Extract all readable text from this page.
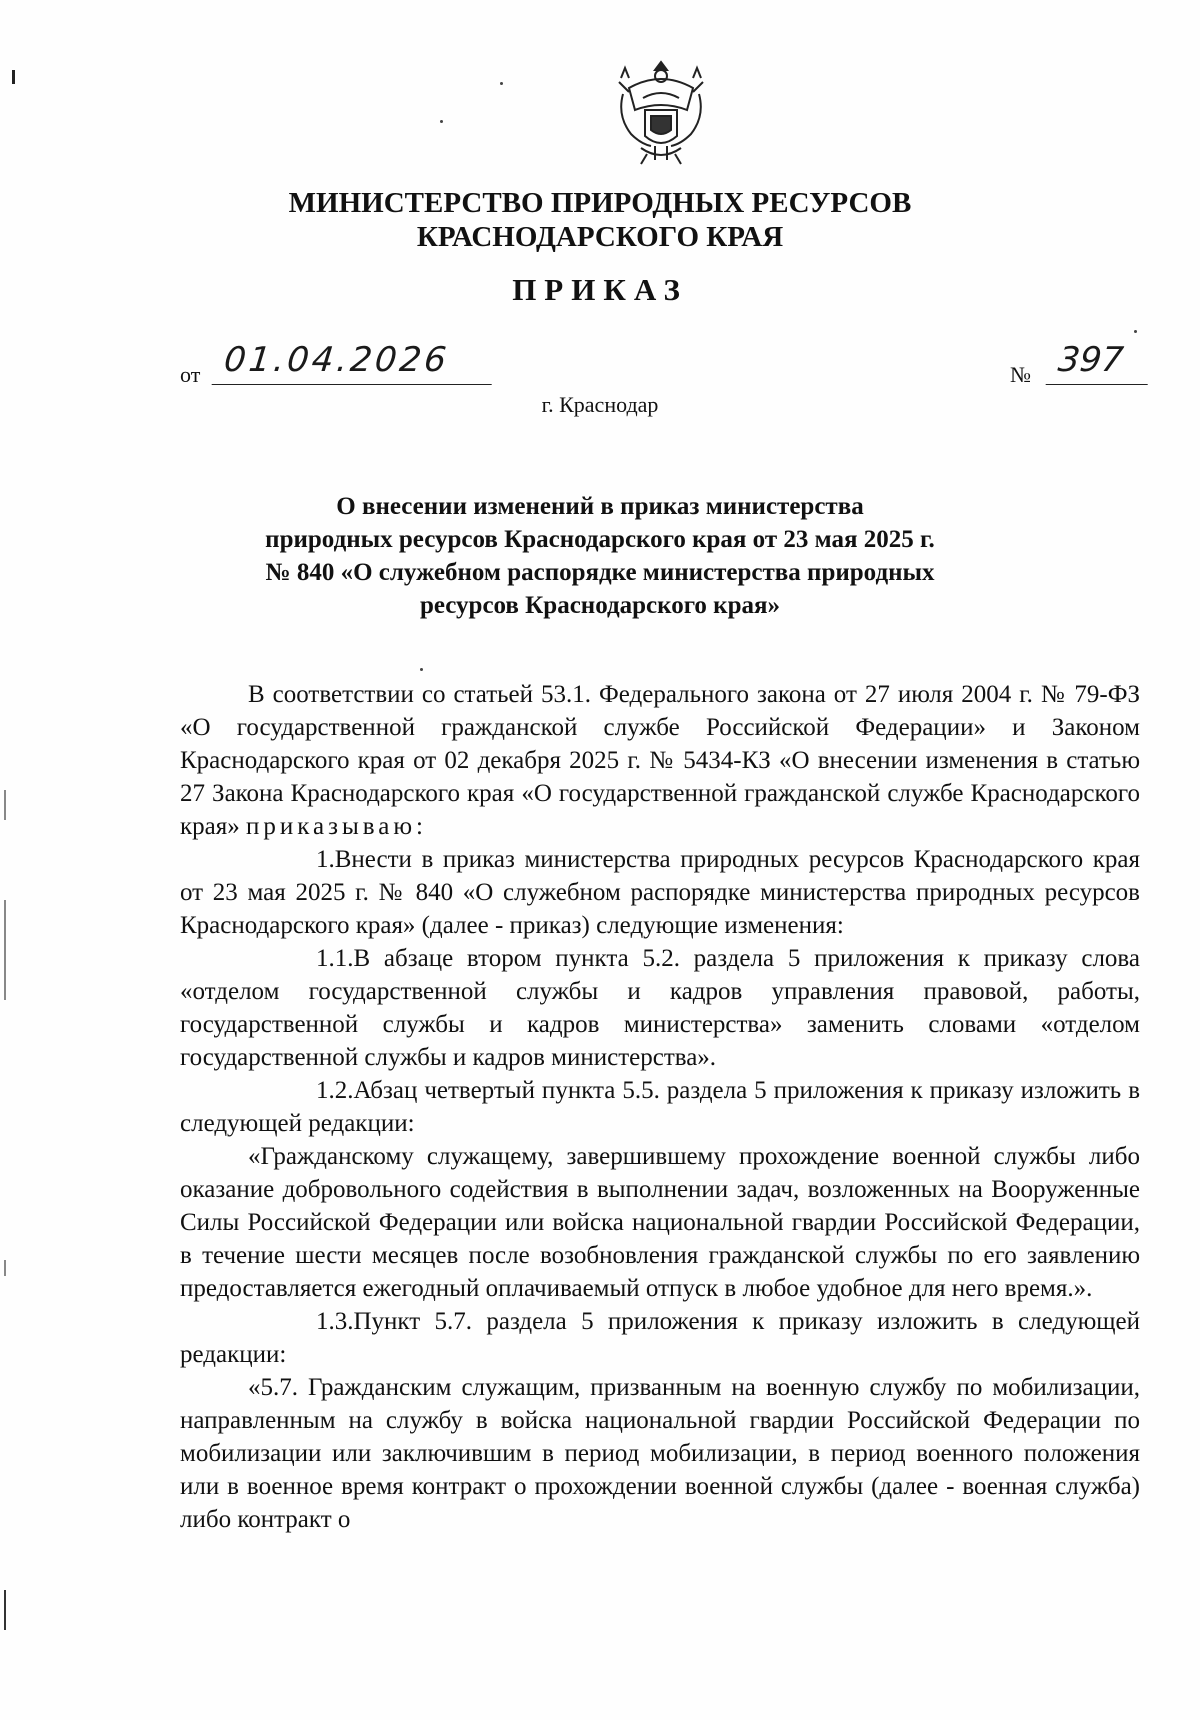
МИНИСТЕРСТВО ПРИРОДНЫХ РЕСУРСОВ
КРАСНОДАРСКОГО КРАЯ
ПРИКАЗ
от 01.04.2026	№ 397
г. Краснодар
О внесении изменений в приказ министерства
природных ресурсов Краснодарского края от 23 мая 2025 г.
№ 840 «О служебном распорядке министерства природных
ресурсов Краснодарского края»

В соответствии со статьей 53.1. Федерального закона от 27 июля 2004 г. № 79-ФЗ «О государственной гражданской службе Российской Федерации» и Законом Краснодарского края от 02 декабря 2025 г. № 5434-КЗ «О внесении изменения в статью 27 Закона Краснодарского края «О государственной гражданской службе Краснодарского края» приказываю:

1.Внести в приказ министерства природных ресурсов Краснодарского края от 23 мая 2025 г. № 840 «О служебном распорядке министерства природных ресурсов Краснодарского края» (далее - приказ) следующие изменения:

1.1.В абзаце втором пункта 5.2. раздела 5 приложения к приказу слова «отделом государственной службы и кадров управления правовой, работы, государственной службы и кадров министерства» заменить словами «отделом государственной службы и кадров министерства».

1.2.Абзац четвертый пункта 5.5. раздела 5 приложения к приказу изложить в следующей редакции:

«Гражданскому служащему, завершившему прохождение военной службы либо оказание добровольного содействия в выполнении задач, возложенных на Вооруженные Силы Российской Федерации или войска национальной гвардии Российской Федерации, в течение шести месяцев после возобновления гражданской службы по его заявлению предоставляется ежегодный оплачиваемый отпуск в любое удобное для него время.».

1.3.Пункт 5.7. раздела 5 приложения к приказу изложить в следующей редакции:

«5.7. Гражданским служащим, призванным на военную службу по мобилизации, направленным на службу в войска национальной гвардии Российской Федерации по мобилизации или заключившим в период мобилизации, в период военного положения или в военное время контракт о прохождении военной службы (далее - военная служба) либо контракт о
